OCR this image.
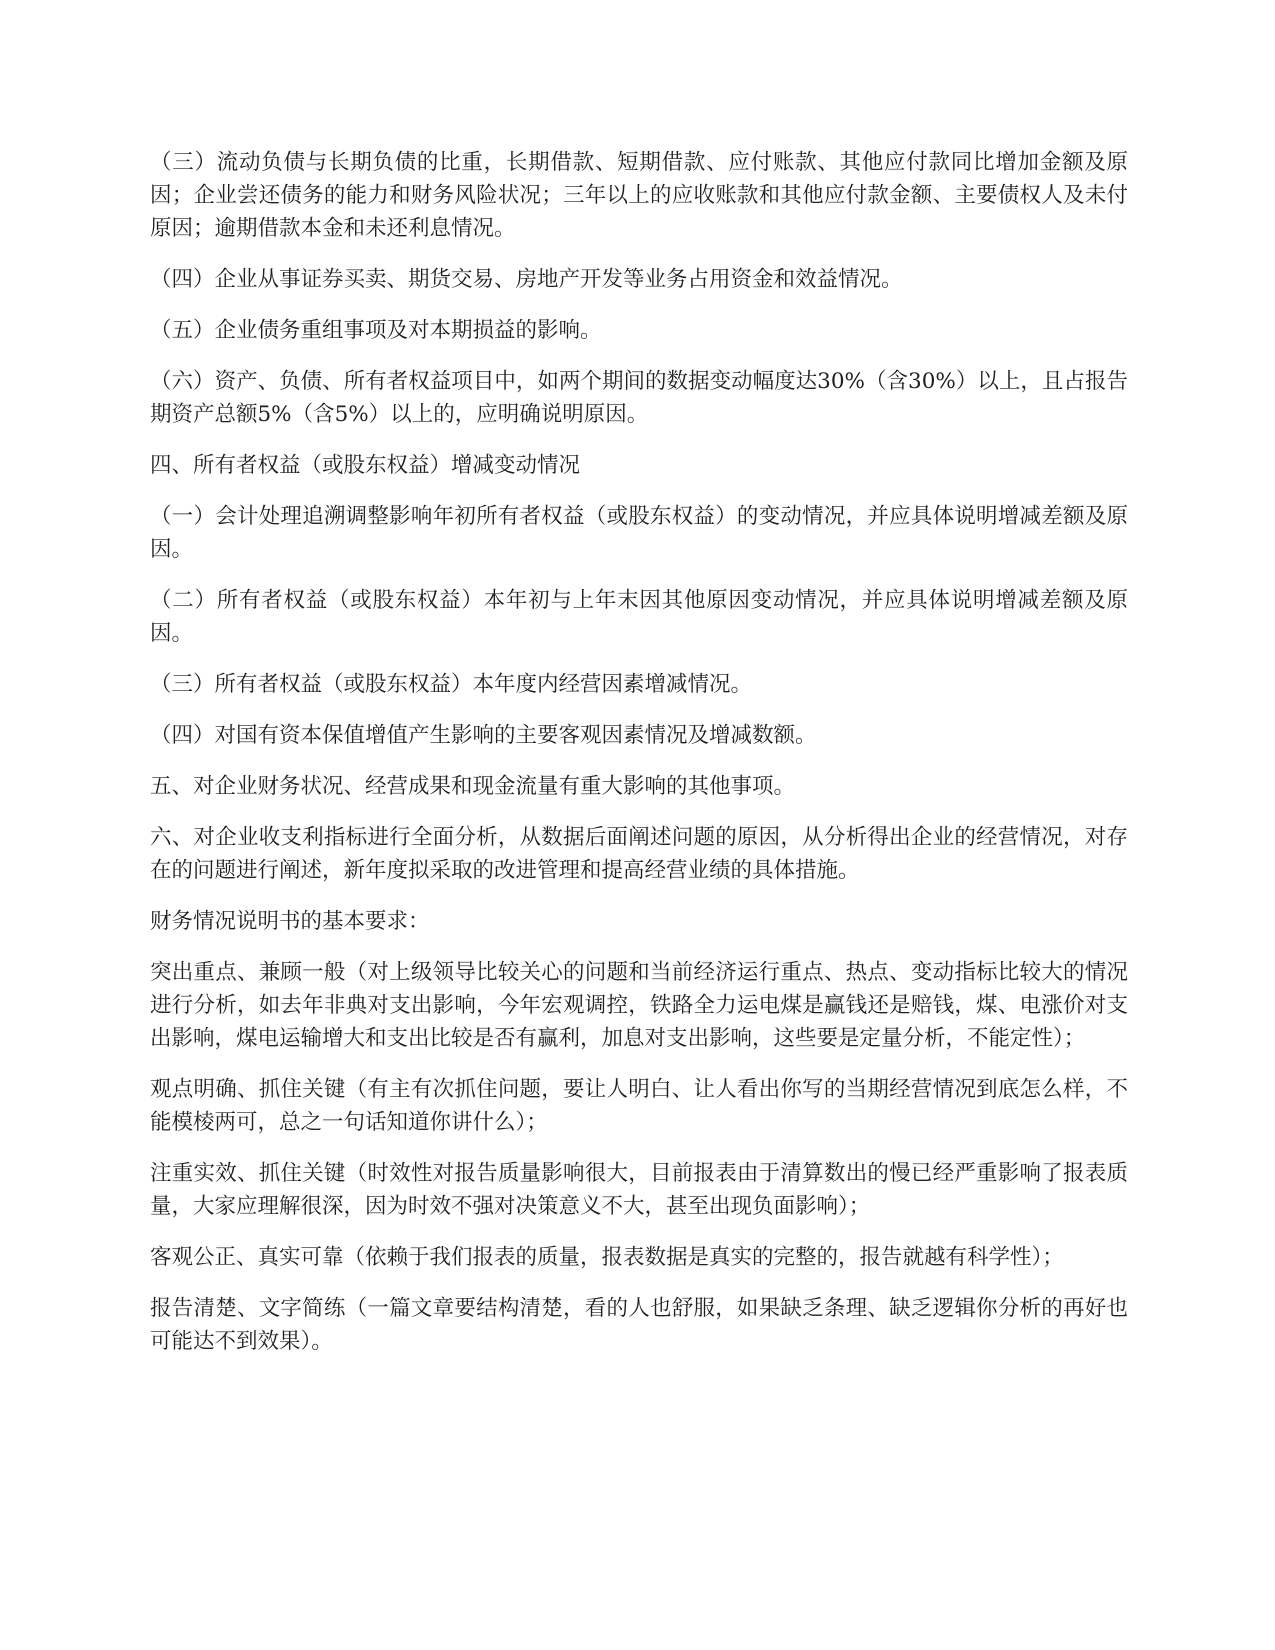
（三）流动负债与长期负债的比重，长期借款、短期借款、应付账款、其他应付款同比增加金额及原因；企业尝还债务的能力和财务风险状况；三年以上的应收账款和其他应付款金额、主要债权人及未付原因；逾期借款本金和未还利息情况。

（四）企业从事证券买卖、期货交易、房地产开发等业务占用资金和效益情况。

（五）企业债务重组事项及对本期损益的影响。

（六）资产、负债、所有者权益项目中，如两个期间的数据变动幅度达30%（含30%）以上，且占报告期资产总额5%（含5%）以上的，应明确说明原因。

四、所有者权益（或股东权益）增减变动情况

（一）会计处理追溯调整影响年初所有者权益（或股东权益）的变动情况，并应具体说明增减差额及原因。

（二）所有者权益（或股东权益）本年初与上年末因其他原因变动情况，并应具体说明增减差额及原因。

（三）所有者权益（或股东权益）本年度内经营因素增减情况。

（四）对国有资本保值增值产生影响的主要客观因素情况及增减数额。

五、对企业财务状况、经营成果和现金流量有重大影响的其他事项。

六、对企业收支利指标进行全面分析，从数据后面阐述问题的原因，从分析得出企业的经营情况，对存在的问题进行阐述，新年度拟采取的改进管理和提高经营业绩的具体措施。

财务情况说明书的基本要求：

突出重点、兼顾一般（对上级领导比较关心的问题和当前经济运行重点、热点、变动指标比较大的情况进行分析，如去年非典对支出影响，今年宏观调控，铁路全力运电煤是赢钱还是赔钱，煤、电涨价对支出影响，煤电运输增大和支出比较是否有赢利，加息对支出影响，这些要是定量分析，不能定性）；

观点明确、抓住关键（有主有次抓住问题，要让人明白、让人看出你写的当期经营情况到底怎么样，不能模棱两可，总之一句话知道你讲什么）；

注重实效、抓住关键（时效性对报告质量影响很大，目前报表由于清算数出的慢已经严重影响了报表质量，大家应理解很深，因为时效不强对决策意义不大，甚至出现负面影响）；

客观公正、真实可靠（依赖于我们报表的质量，报表数据是真实的完整的，报告就越有科学性）；

报告清楚、文字简练（一篇文章要结构清楚，看的人也舒服，如果缺乏条理、缺乏逻辑你分析的再好也可能达不到效果）。
